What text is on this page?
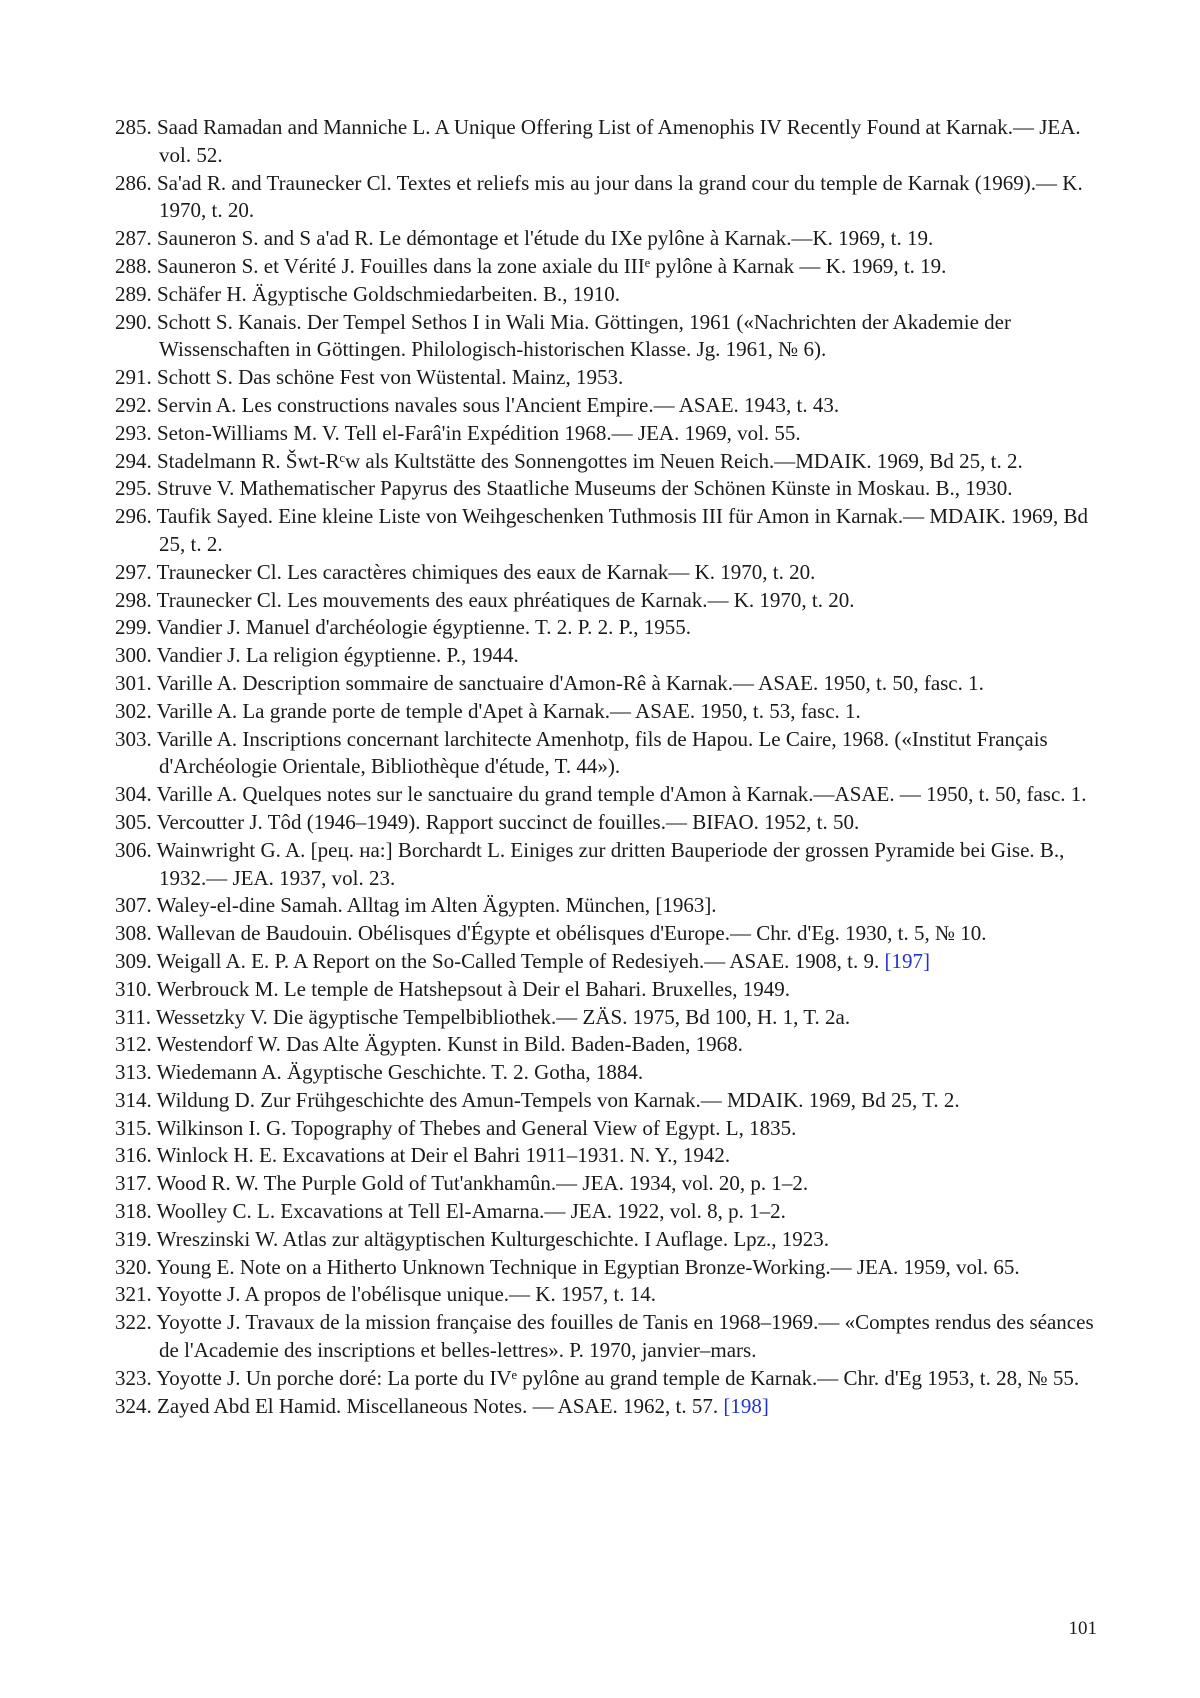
285. Saad Ramadan and Manniche L. A Unique Offering List of Amenophis IV Recently Found at Karnak.— JEA. vol. 52.
286. Sa'ad R. and Traunecker Cl. Textes et reliefs mis au jour dans la grand cour du temple de Karnak (1969).— K. 1970, t. 20.
287. Sauneron S. and S a'ad R. Le démontage et l'étude du IXe pylône à Karnak.—K. 1969, t. 19.
288. Sauneron S. et Vérité J. Fouilles dans la zone axiale du IIIᵉ pylône à Karnak — K. 1969, t. 19.
289. Schäfer H. Ägyptische Goldschmiedarbeiten. B., 1910.
290. Schott S. Kanais. Der Tempel Sethos I in Wali Mia. Göttingen, 1961 («Nachrichten der Akademie der Wissenschaften in Göttingen. Philologisch-historischen Klasse. Jg. 1961, № 6).
291. Schott S. Das schöne Fest von Wüstental. Mainz, 1953.
292. Servin A. Les constructions navales sous l'Ancient Empire.— ASAE. 1943, t. 43.
293. Seton-Williams M. V. Tell el-Farâ'in Expédition 1968.— JEA. 1969, vol. 55.
294. Stadelmann R. Šwt-Rᶜw als Kultstätte des Sonnengottes im Neuen Reich.—MDAIK. 1969, Bd 25, t. 2.
295. Struve V. Mathematischer Papyrus des Staatliche Museums der Schönen Künste in Moskau. B., 1930.
296. Taufik Sayed. Eine kleine Liste von Weihgeschenken Tuthmosis III für Amon in Karnak.— MDAIK. 1969, Bd 25, t. 2.
297. Traunecker Cl. Les caractères chimiques des eaux de Karnak— K. 1970, t. 20.
298. Traunecker Cl. Les mouvements des eaux phréatiques de Karnak.— K. 1970, t. 20.
299. Vandier J. Manuel d'archéologie égyptienne. T. 2. P. 2. P., 1955.
300. Vandier J. La religion égyptienne. P., 1944.
301. Varille A. Description sommaire de sanctuaire d'Amon-Rê à Karnak.— ASAE. 1950, t. 50, fasc. 1.
302. Varille A. La grande porte de temple d'Apet à Karnak.— ASAE. 1950, t. 53, fasc. 1.
303. Varille A. Inscriptions concernant larchitecte Amenhotp, fils de Hapou. Le Caire, 1968. («Institut Français d'Archéologie Orientale, Bibliothèque d'étude, T. 44»).
304. Varille A. Quelques notes sur le sanctuaire du grand temple d'Amon à Karnak.—ASAE. — 1950, t. 50, fasc. 1.
305. Vercoutter J. Tôd (1946–1949). Rapport succinct de fouilles.— BIFAO. 1952, t. 50.
306. Wainwright G. A. [рец. на:] Borchardt L. Einiges zur dritten Bauperiode der grossen Pyramide bei Gise. B., 1932.— JEA. 1937, vol. 23.
307. Waley-el-dine Samah. Alltag im Alten Ägypten. München, [1963].
308. Wallevan de Baudouin. Obélisques d'Égypte et obélisques d'Europe.— Chr. d'Eg. 1930, t. 5, № 10.
309. Weigall A. E. P. A Report on the So-Called Temple of Redesiyeh.— ASAE. 1908, t. 9. [197]
310. Werbrouck M. Le temple de Hatshepsout à Deir el Bahari. Bruxelles, 1949.
311. Wessetzky V. Die ägyptische Tempelbibliothek.— ZÄS. 1975, Bd 100, H. 1, T. 2a.
312. Westendorf W. Das Alte Ägypten. Kunst in Bild. Baden-Baden, 1968.
313. Wiedemann A. Ägyptische Geschichte. T. 2. Gotha, 1884.
314. Wildung D. Zur Frühgeschichte des Amun-Tempels von Karnak.— MDAIK. 1969, Bd 25, T. 2.
315. Wilkinson I. G. Topography of Thebes and General View of Egypt. L, 1835.
316. Winlock H. E. Excavations at Deir el Bahri 1911–1931. N. Y., 1942.
317. Wood R. W. The Purple Gold of Tut'ankhamûn.— JEA. 1934, vol. 20, p. 1–2.
318. Woolley C. L. Excavations at Tell El-Amarna.— JEA. 1922, vol. 8, p. 1–2.
319. Wreszinski W. Atlas zur altägyptischen Kulturgeschichte. I Auflage. Lpz., 1923.
320. Young E. Note on a Hitherto Unknown Technique in Egyptian Bronze-Working.— JEA. 1959, vol. 65.
321. Yoyotte J. A propos de l'obélisque unique.— K. 1957, t. 14.
322. Yoyotte J. Travaux de la mission française des fouilles de Tanis en 1968–1969.— «Comptes rendus des séances de l'Academie des inscriptions et belles-lettres». P. 1970, janvier–mars.
323. Yoyotte J. Un porche doré: La porte du IVᵉ pylône au grand temple de Karnak.— Chr. d'Eg 1953, t. 28, № 55.
324. Zayed Abd El Hamid. Miscellaneous Notes. — ASAE. 1962, t. 57. [198]
101
